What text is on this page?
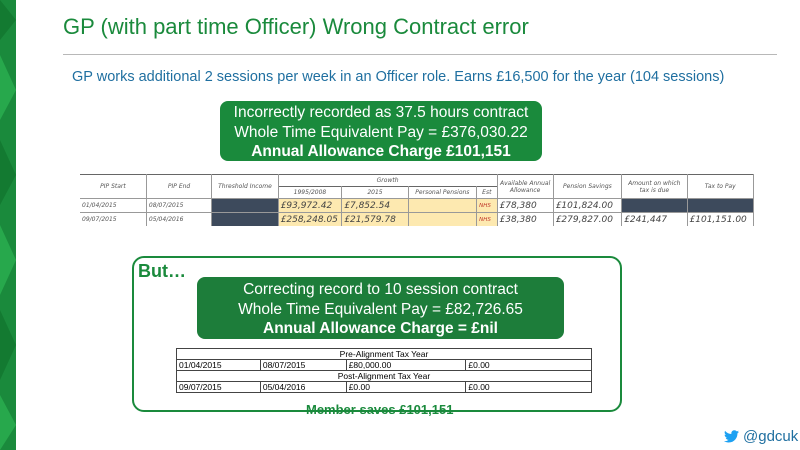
GP (with part time Officer) Wrong Contract error
GP works additional 2 sessions per week in an Officer role. Earns £16,500 for the year (104 sessions)
Incorrectly recorded as 37.5 hours contract
Whole Time Equivalent Pay = £376,030.22
Annual Allowance Charge £101,151
PIP Start	PIP End	Threshold Income	Growth				Available Annual Allowance	Pension Savings	Amount on which tax is due	Tax to Pay
			1995/2008	2015	Personal Pensions	Est				
01/04/2015	08/07/2015		£93,972.42	£7,852.54		NHS	£78,380	£101,824.00		
09/07/2015	05/04/2016		£258,248.05	£21,579.78		NHS	£38,380	£279,827.00	£241,447	£101,151.00
But…
Correcting record to 10 session contract
Whole Time Equivalent Pay = £82,726.65
Annual Allowance Charge = £nil
Pre-Alignment Tax Year			
01/04/2015	08/07/2015	£80,000.00	£0.00
Post-Alignment Tax Year			
09/07/2015	05/04/2016	£0.00	£0.00
Member saves £101,151
@gdcuk
